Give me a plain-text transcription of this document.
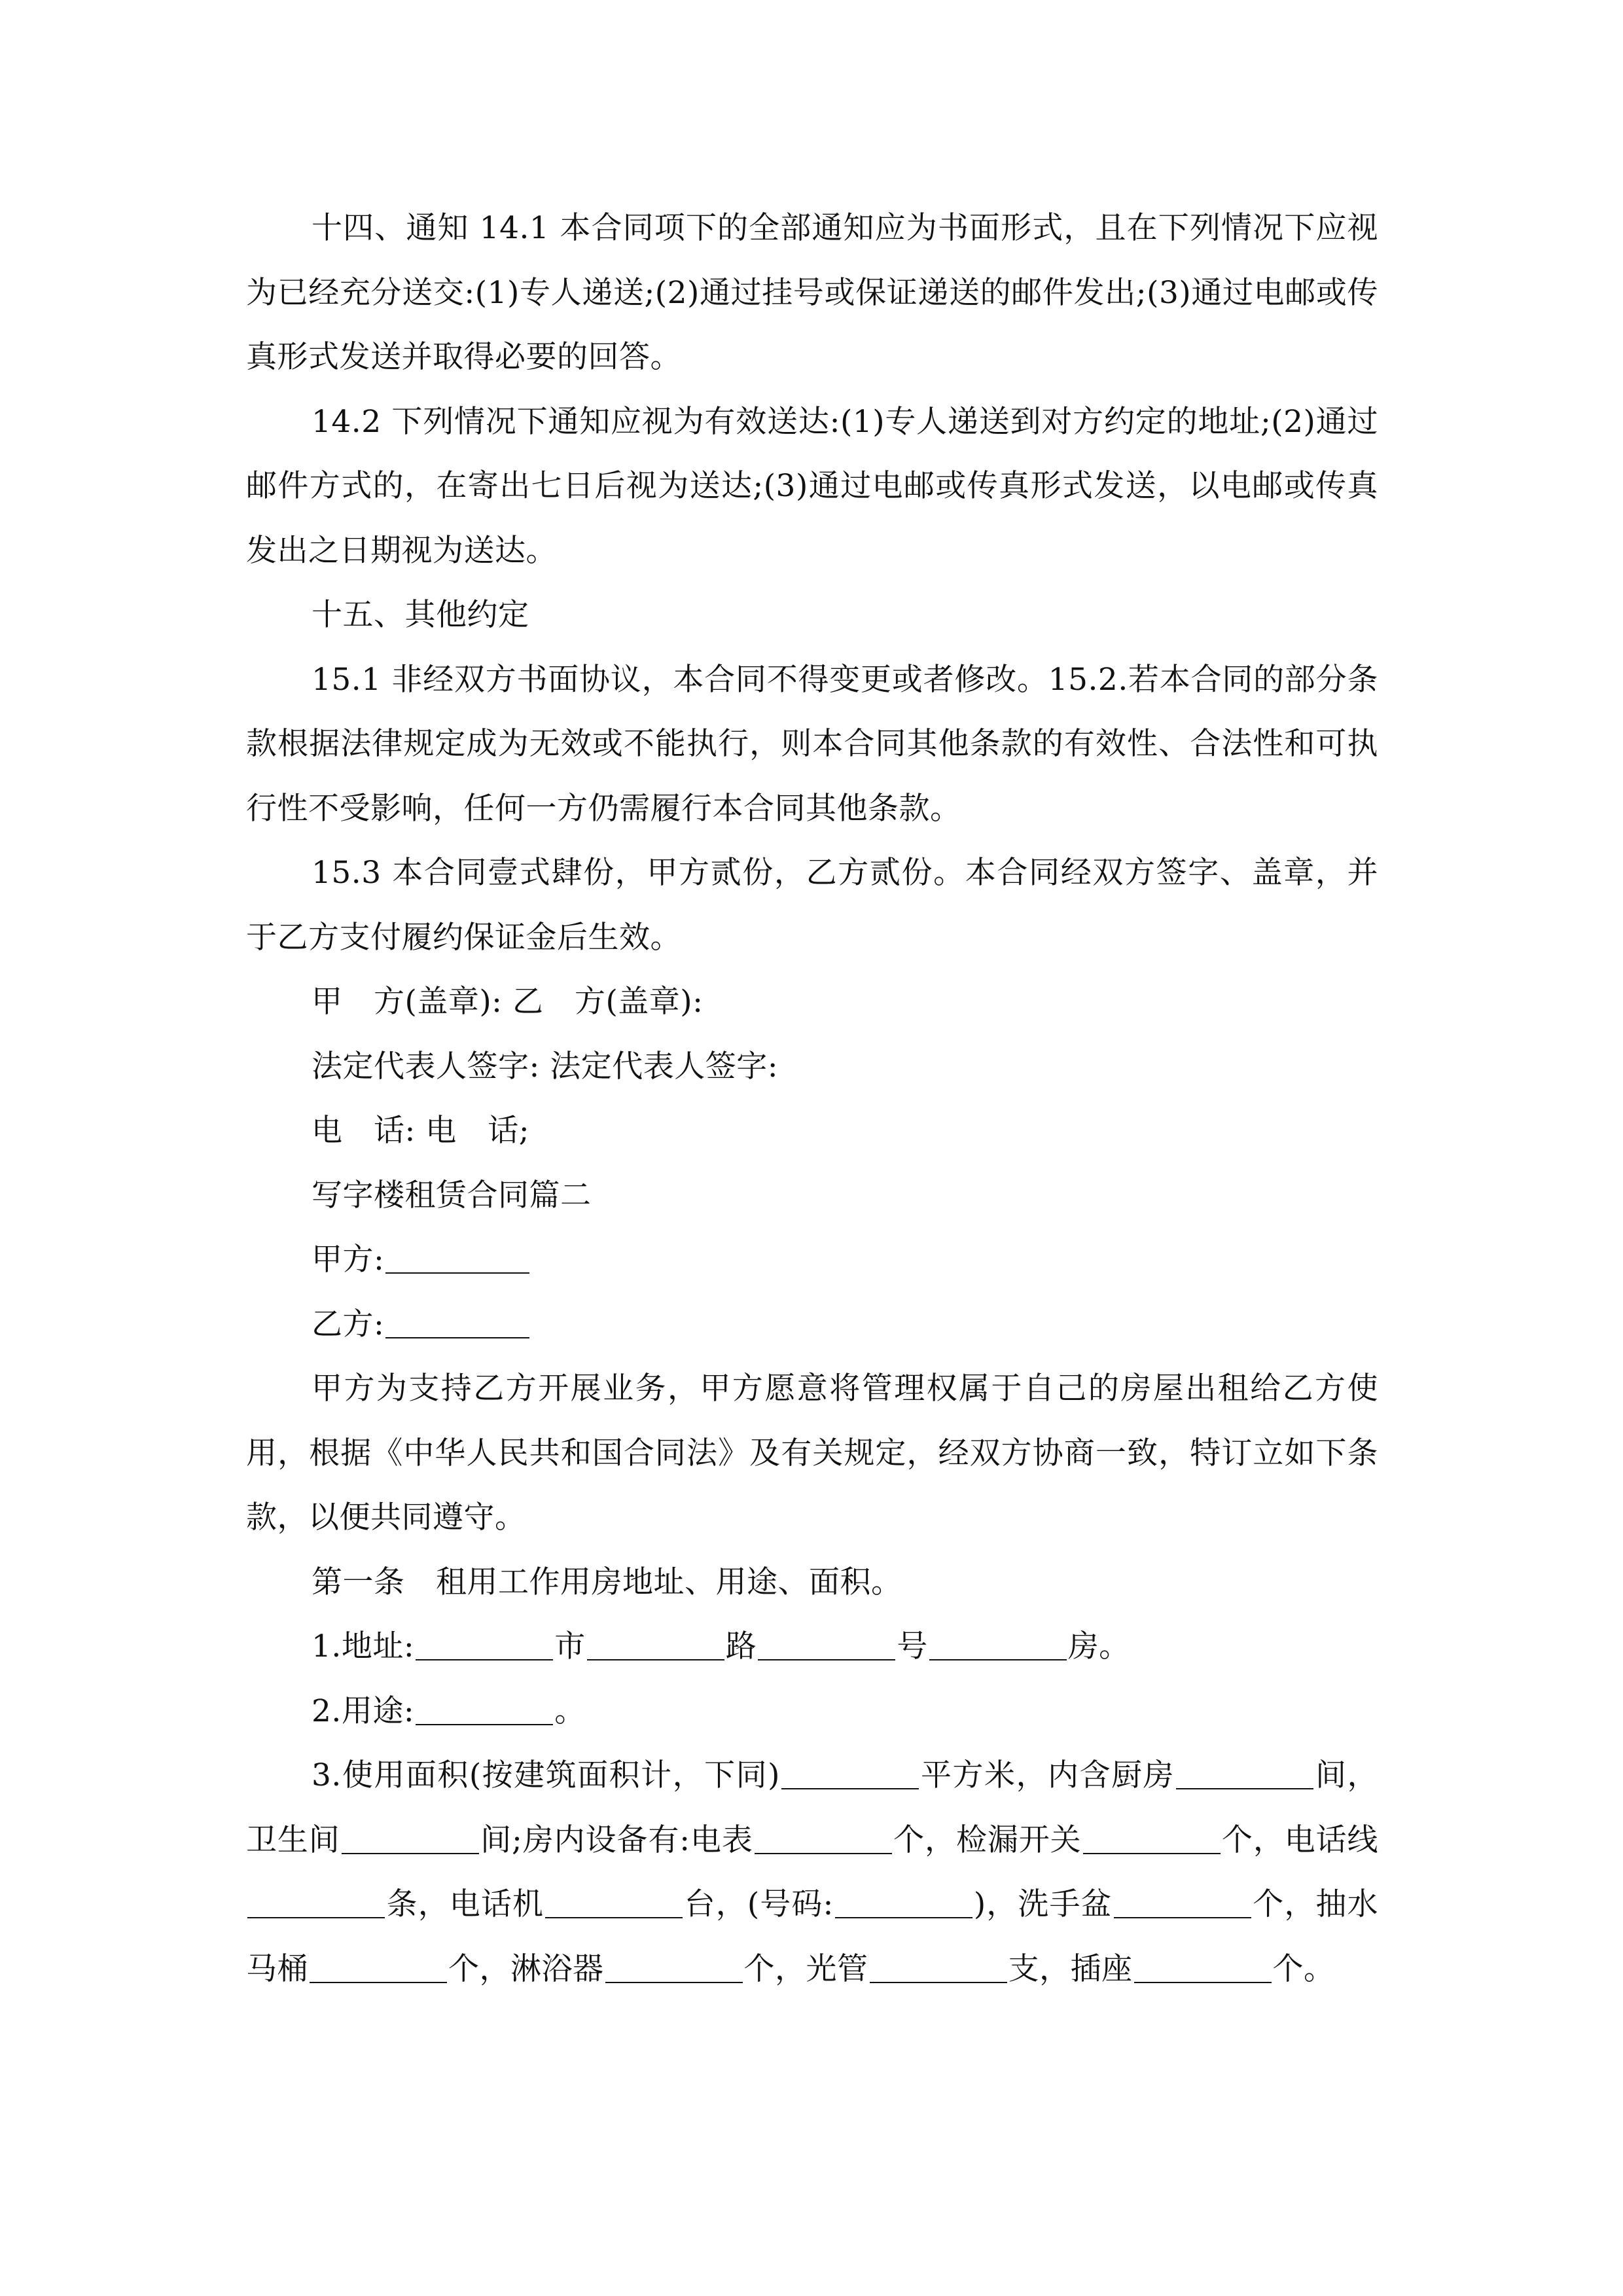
十四、通知 14.1 本合同项下的全部通知应为书面形式，且在下列情况下应视为已经充分送交:(1)专人递送;(2)通过挂号或保证递送的邮件发出;(3)通过电邮或传真形式发送并取得必要的回答。

14.2 下列情况下通知应视为有效送达:(1)专人递送到对方约定的地址;(2)通过邮件方式的，在寄出七日后视为送达;(3)通过电邮或传真形式发送，以电邮或传真发出之日期视为送达。

十五、其他约定

15.1 非经双方书面协议，本合同不得变更或者修改。15.2.若本合同的部分条款根据法律规定成为无效或不能执行，则本合同其他条款的有效性、合法性和可执行性不受影响，任何一方仍需履行本合同其他条款。

15.3 本合同壹式肆份，甲方贰份，乙方贰份。本合同经双方签字、盖章，并于乙方支付履约保证金后生效。

甲　方(盖章): 乙　方(盖章):

法定代表人签字: 法定代表人签字:

电　话: 电　话;

写字楼租赁合同篇二

甲方:

乙方:

甲方为支持乙方开展业务，甲方愿意将管理权属于自己的房屋出租给乙方使用，根据《中华人民共和国合同法》及有关规定，经双方协商一致，特订立如下条款，以便共同遵守。

第一条　租用工作用房地址、用途、面积。

1.地址:	市	路	号	房。

2.用途:	。

3.使用面积(按建筑面积计，下同)	平方米，内含厨房	间，卫生间	间;房内设备有:电表	个，检漏开关	个，电话线条，电话机	台，(号码:	)，洗手盆	个，抽水马桶	个，淋浴器	个，光管	支，插座	个。
